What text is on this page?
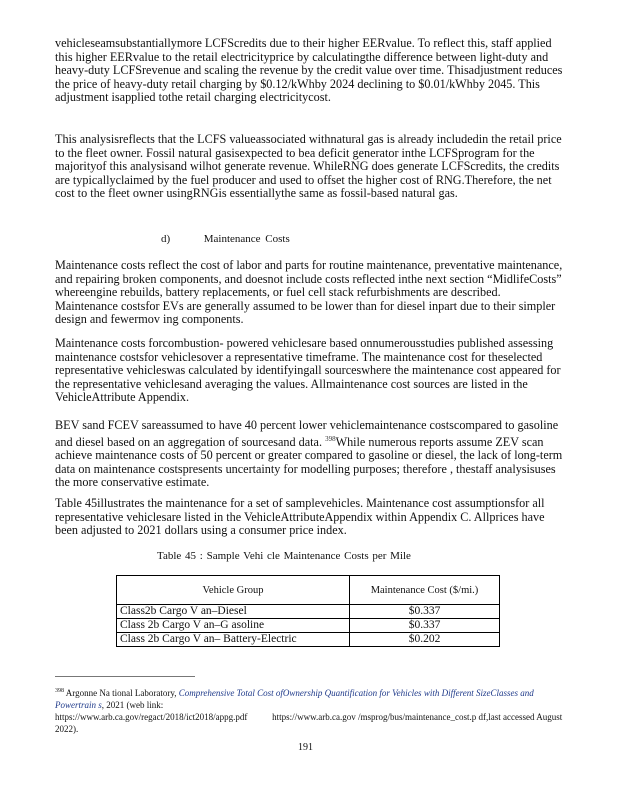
vehicleseamsubstantiallymore LCFScredits due to their higher EERvalue. To reflect this, staff applied this higher EERvalue to the retail electricityprice by calculatingthe difference between light-duty and heavy-duty LCFSrevenue and scaling the revenue by the credit value over time. Thisadjustment reduces the price of heavy-duty retail charging by $0.12/kWhby 2024 declining to $0.01/kWhby 2045. This adjustment isapplied tothe retail charging electricitycost.

This analysisreflects that the LCFS valueassociated withnatural gas is already includedin the retail price to the fleet owner. Fossil natural gasisexpected to bea deficit generator inthe LCFSprogram for the majorityof this analysisand wilhot generate revenue. WhileRNG does generate LCFScredits, the credits are typicallyclaimed by the fuel producer and used to offset the higher cost of RNG.Therefore, the net cost to the fleet owner usingRNGis essentiallythe same as fossil-based natural gas.

d)	Maintenance Costs

Maintenance costs reflect the cost of labor and parts for routine maintenance, preventative maintenance, and repairing broken components, and doesnot include costs reflected inthe next section “MidlifeCosts” whereengine rebuilds, battery replacements, or fuel cell stack refurbishments are described. Maintenance costsfor EVs are generally assumed to be lower than for diesel inpart due to their simpler design and fewermov ing components.

Maintenance costs forcombustion- powered vehiclesare based onnumerousstudies published assessing maintenance costsfor vehiclesover a representative timeframe. The maintenance cost for theselected representative vehicleswas calculated by identifyingall sourceswhere the maintenance cost appeared for the representative vehiclesand averaging the values. Allmaintenance cost sources are listed in the VehicleAttribute Appendix.

BEV sand FCEV sareassumed to have 40 percent lower vehiclemaintenance costscompared to gasoline and diesel based on an aggregation of sourcesand data. $^{398}$While numerous reports assume ZEV scan achieve maintenance costs of 50 percent or greater compared to gasoline or diesel, the lack of long-term data on maintenance costspresents uncertainty for modelling purposes; therefore , thestaff analysisuses the more conservative estimate.

Table 45illustrates the maintenance for a set of samplevehicles. Maintenance cost assumptionsfor all representative vehiclesare listed in the VehicleAttributeAppendix within Appendix C. Allprices have been adjusted to 2021 dollars using a consumer price index.

Table 45 : Sample Vehi cle Maintenance Costs per Mile
Vehicle Group	Maintenance Cost ($/mi.)
Class2b Cargo V an–Diesel	$0.337
Class 2b Cargo V an–G asoline	$0.337
Class 2b Cargo V an– Battery-Electric	$0.202
$^{398}$ Argonne Na tional Laboratory, Comprehensive Total Cost ofOwnership Quantification for Vehicles with Different SizeClasses and Powertrain s, 2021 (web link:
https://www.arb.ca.gov/regact/2018/ict2018/appg.pdf	https://www.arb.ca.gov /msprog/bus/maintenance_cost.p df,last accessed August 2022).
191
